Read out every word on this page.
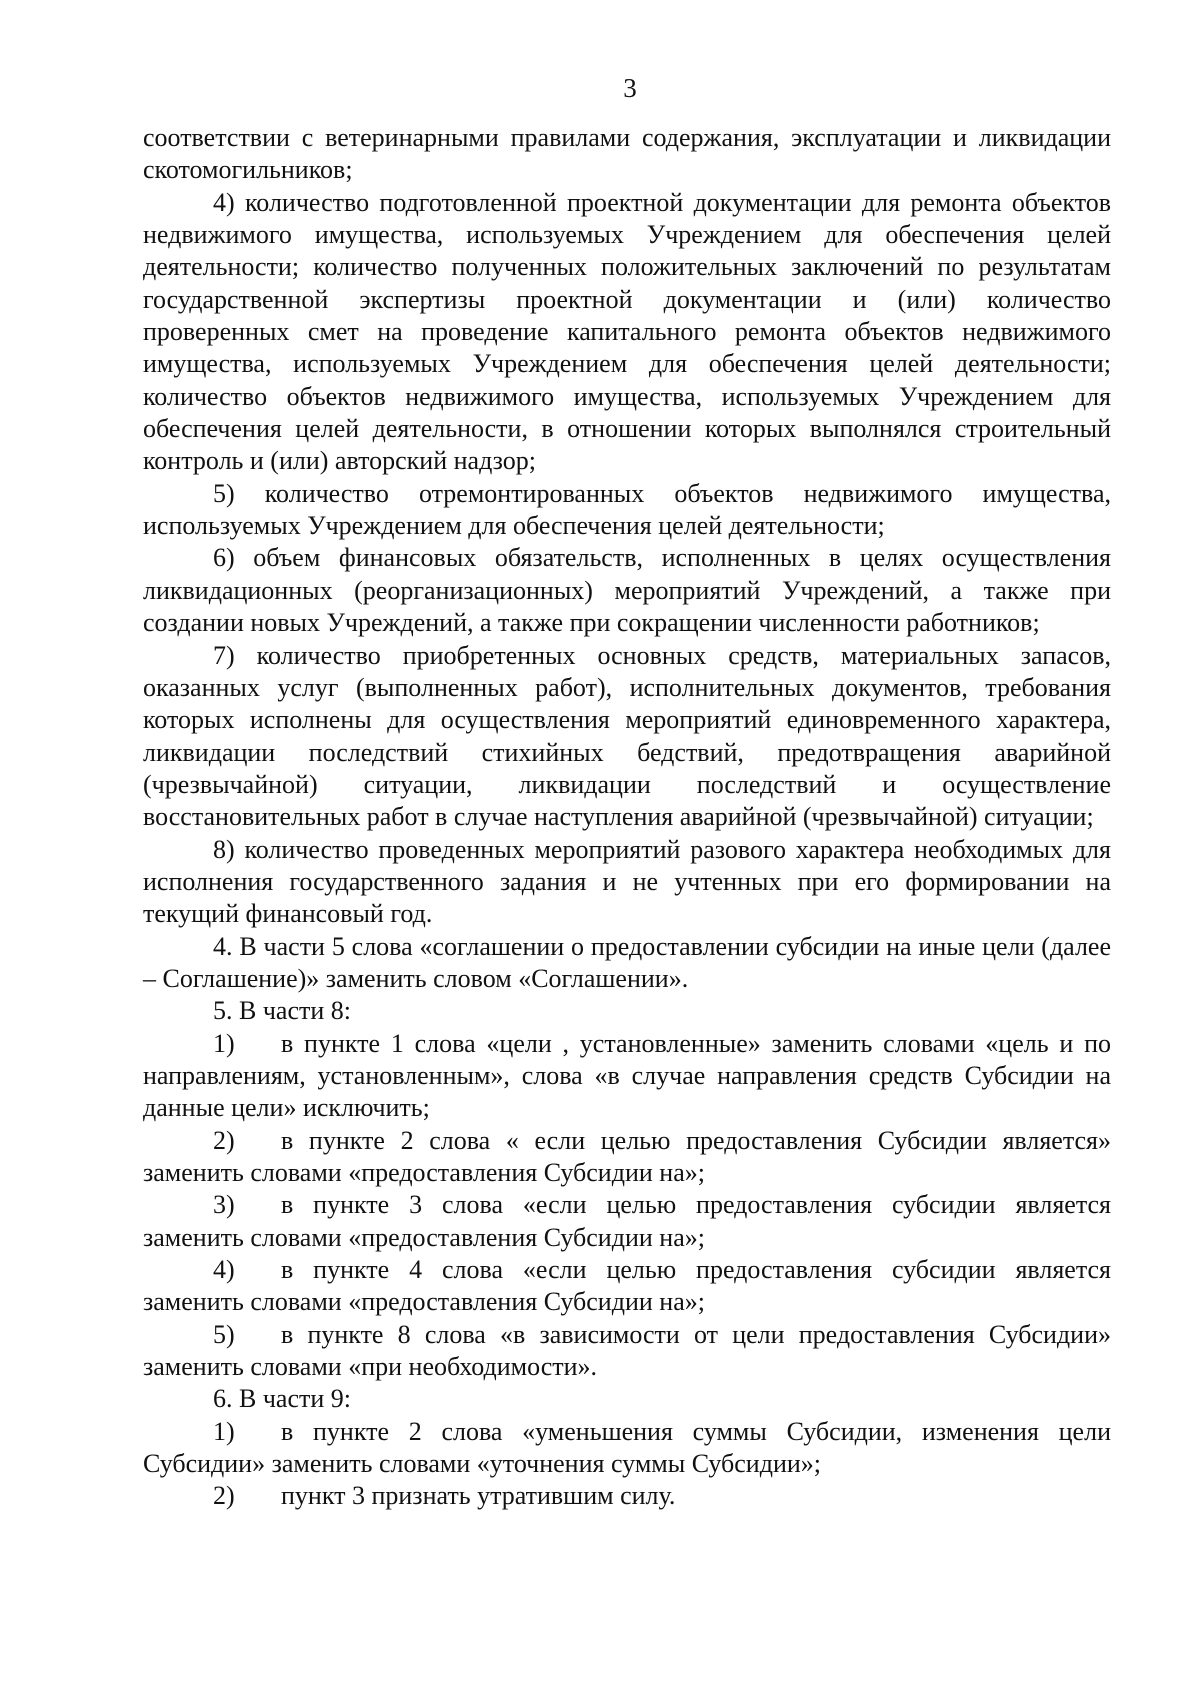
3

соответствии с ветеринарными правилами содержания, эксплуатации и ликвидации скотомогильников;

4) количество подготовленной проектной документации для ремонта объектов недвижимого имущества, используемых Учреждением для обеспечения целей деятельности; количество полученных положительных заключений по результатам государственной экспертизы проектной документации и (или) количество проверенных смет на проведение капитального ремонта объектов недвижимого имущества, используемых Учреждением для обеспечения целей деятельности; количество объектов недвижимого имущества, используемых Учреждением для обеспечения целей деятельности, в отношении которых выполнялся строительный контроль и (или) авторский надзор;

5) количество отремонтированных объектов недвижимого имущества, используемых Учреждением для обеспечения целей деятельности;

6) объем финансовых обязательств, исполненных в целях осуществления ликвидационных (реорганизационных) мероприятий Учреждений, а также при создании новых Учреждений, а также при сокращении численности работников;

7) количество приобретенных основных средств, материальных запасов, оказанных услуг (выполненных работ), исполнительных документов, требования которых исполнены для осуществления мероприятий единовременного характера, ликвидации последствий стихийных бедствий, предотвращения аварийной (чрезвычайной) ситуации, ликвидации последствий и осуществление восстановительных работ в случае наступления аварийной (чрезвычайной) ситуации;

8) количество проведенных мероприятий разового характера необходимых для исполнения государственного задания и не учтенных при его формировании на текущий финансовый год.

4. В части 5 слова «соглашении о предоставлении субсидии на иные цели (далее – Соглашение)» заменить словом «Соглашении».

5. В части 8:

1) в пункте 1 слова «цели , установленные» заменить словами «цель и по направлениям, установленным», слова «в случае направления средств Субсидии на данные цели» исключить;

2) в пункте 2 слова « если целью предоставления Субсидии является» заменить словами «предоставления Субсидии на»;

3) в пункте 3 слова «если целью предоставления субсидии является заменить словами «предоставления Субсидии на»;

4) в пункте 4 слова «если целью предоставления субсидии является заменить словами «предоставления Субсидии на»;

5) в пункте 8 слова «в зависимости от цели предоставления Субсидии» заменить словами «при необходимости».

6. В части 9:

1) в пункте 2 слова «уменьшения суммы Субсидии, изменения цели Субсидии» заменить словами «уточнения суммы Субсидии»;

2) пункт 3 признать утратившим силу.
